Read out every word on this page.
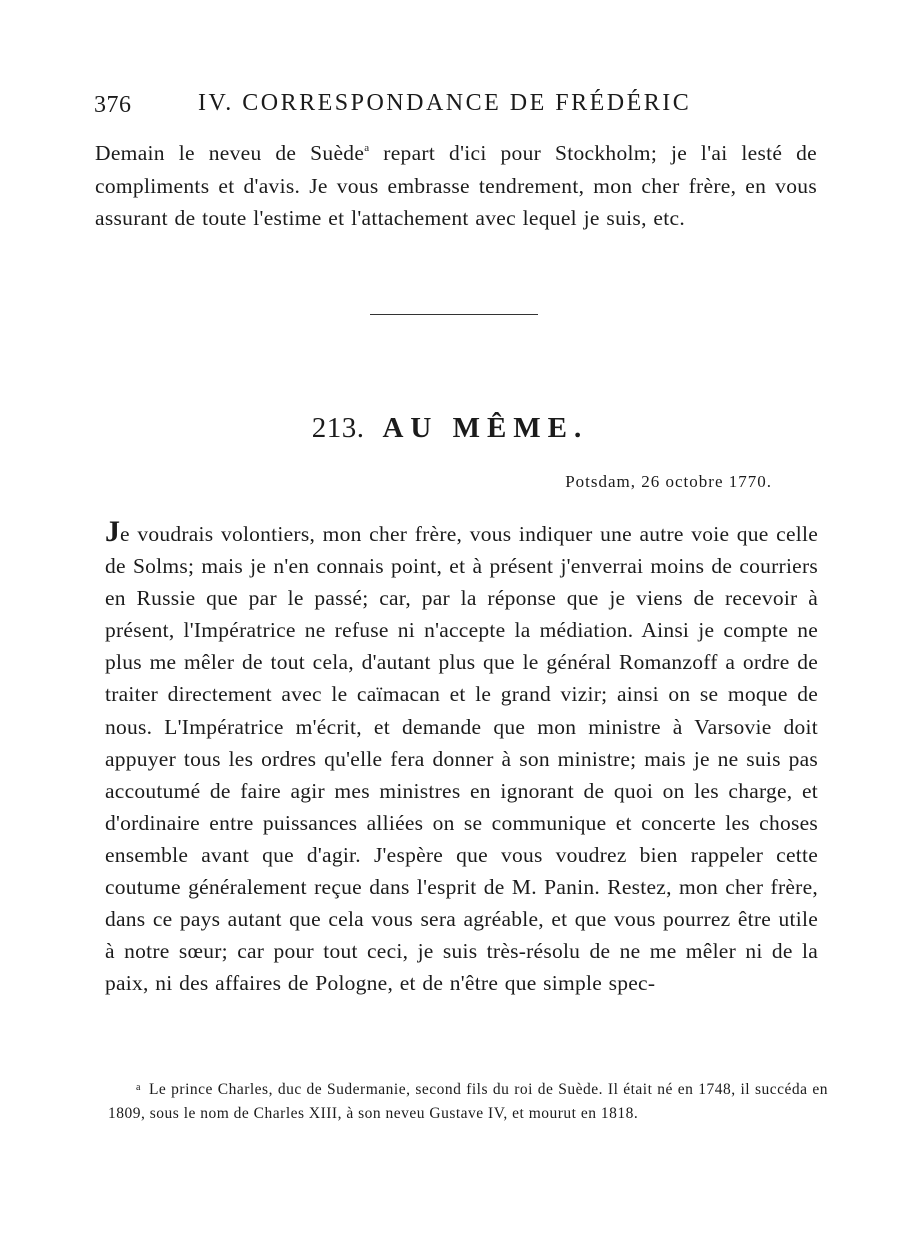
376	IV. CORRESPONDANCE DE FRÉDÉRIC

Demain le neveu de Suède$^a$ repart d'ici pour Stockholm; je l'ai lesté de compliments et d'avis. Je vous embrasse tendrement, mon cher frère, en vous assurant de toute l'estime et l'attachement avec lequel je suis, etc.

213. AU MÊME.
Potsdam, 26 octobre 1770.

Je voudrais volontiers, mon cher frère, vous indiquer une autre voie que celle de Solms; mais je n'en connais point, et à présent j'enverrai moins de courriers en Russie que par le passé; car, par la réponse que je viens de recevoir à présent, l'Impératrice ne refuse ni n'accepte la médiation. Ainsi je compte ne plus me mêler de tout cela, d'autant plus que le général Romanzoff a ordre de traiter directement avec le caïmacan et le grand vizir; ainsi on se moque de nous. L'Impératrice m'écrit, et demande que mon ministre à Varsovie doit appuyer tous les ordres qu'elle fera donner à son ministre; mais je ne suis pas accoutumé de faire agir mes ministres en ignorant de quoi on les charge, et d'ordinaire entre puissances alliées on se communique et concerte les choses ensemble avant que d'agir. J'espère que vous voudrez bien rappeler cette coutume généralement reçue dans l'esprit de M. Panin. Restez, mon cher frère, dans ce pays autant que cela vous sera agréable, et que vous pourrez être utile à notre sœur; car pour tout ceci, je suis très-résolu de ne me mêler ni de la paix, ni des affaires de Pologne, et de n'être que simple spec-

$^a$ Le prince Charles, duc de Sudermanie, second fils du roi de Suède. Il était né en 1748, il succéda en 1809, sous le nom de Charles XIII, à son neveu Gustave IV, et mourut en 1818.
